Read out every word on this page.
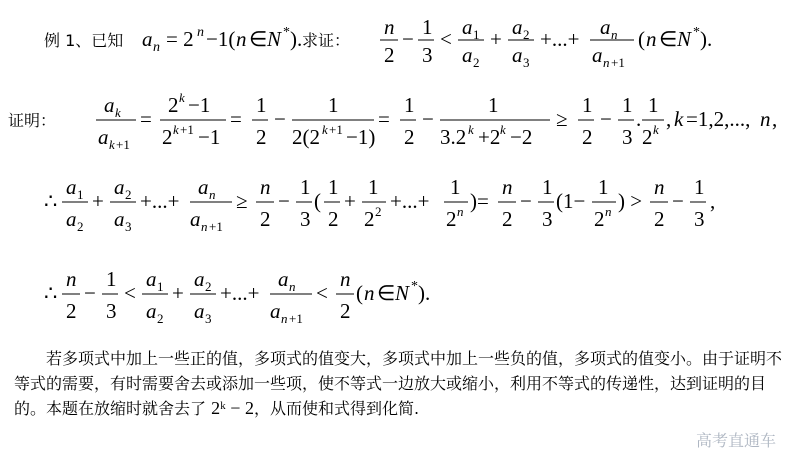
例 1、已知 a n = 2 n −1( n ∈ N * ). 求证：
n
2
− 1
3
< a 1
a 2
+ a 2
a 3
+...+ a n
a n +1
( n ∈ N * ).
证明：
a k
a k +1
=
2 k −1
2 k +1 −1
=
1
2
−
1
2(2 k +1 −1)
=
1
2
−
1
3.2 k +2 k −2
≥
1
2
−
1
3
.
1
2 k , k =1,2,..., n ,
∴
a 1
a 2
+
a 2
a 3
+...+
a n
a n +1
≥
n
2
−
1
3
(
1
2
+
1
2 2 +...+
1
2 n )=
n
2
−
1
3
(1−
1
2 n ) >
n
2
−
1
3
,
∴
n
2
−
1
3
<
a 1
a 2
+
a 2
a 3
+...+
a n
a n +1
<
n
2
( n ∈ N * ).
若多项式中加上一些正的值，多项式的值变大，多项式中加上一些负的值，多项式的值变小。由于证明不等式的需要，有时需要舍去或添加一些项，使不等式一边放大或缩小，利用不等式的传递性，达到证明的目的。本题在放缩时就舍去了 2ᵏ − 2，从而使和式得到化简.
高考直通车
